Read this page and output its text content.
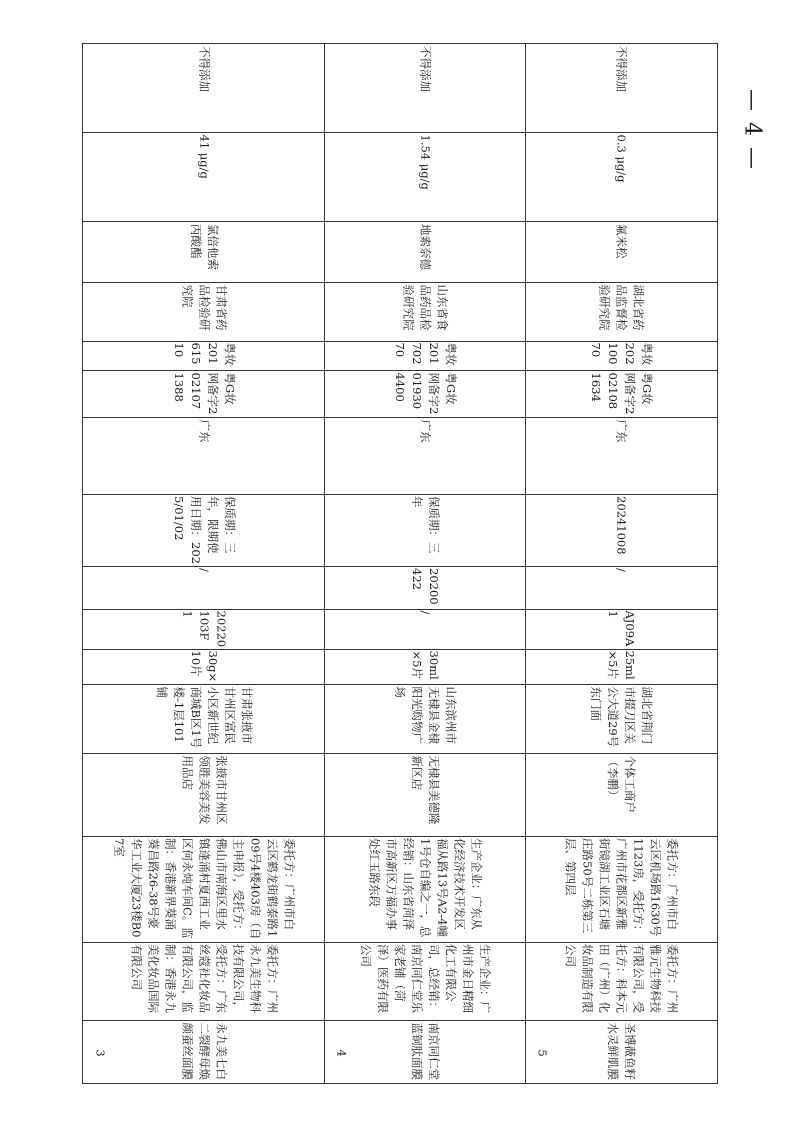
— 4 —
不得添加
41 μg/g
氯倍他索丙酸酯
甘肃省药品检验研究院
粤妆20161510
粤G妆网备字2021071388
广东
保质期：三年，限期使用日期：2025/01/02
/
20220103F1
30g×10片
甘肃张掖市甘州区富民小区新世纪商城B区1号楼-1层101铺
张掖市甘州区领胜美容美发用品店
委托方：广州市白云区鹤龙街鹤泰路109号4楼403房（自主申报），受托方：佛山市南海区里水镇逢涌村夏西工业区何永炖车间C。监制：香港新界葵涌葵昌路26-38号豪华工业大厦23楼B07室
委托方：广州永九美生物科技有限公司，受托方：广东丝蔻社化妆品有限公司，监制：香港永九美化妆品国际有限公司
永九美七白二裂酵母焕颜蚕丝面膜
3
不得添加
1.54 μg/g
地索奈德
山东省食品药品检验研究院
粤妆20170270
粤G妆网备字2019304400
广东
保质期：三年
20200422
/
30ml×5片
山东滨州市无棣县金棣阳光购物广场
无棣县美德隆新区店
生产企业：广东从化经济技术开发区福从路13号A2-4幢1号仓自编之一，总经销：山东省菏泽市高新区万福办事处红玉路东段
生产企业：广州市金日精细化工有限公司，总经销：南京同仁堂乐家老铺（菏泽）医药有限公司
南京同仁堂蓝铜肽面膜
4
不得添加
0.3 μg/g
氟米松
湖北省药品监督检验研究院
粤妆20210070
粤G妆网备字2021081634
广东
20241008
/
AJ09A1
25ml×5片
湖北省荆门市掇刀区关公大道29号东门面
个体工商户（李鹏）
委托方：广州市白云区机场路1630号1123房，受托方：广州市花都区新雅街镜湖工业区石塘庄路50号二栋第三层、第四层
委托方：广州雅元生物科技有限公司，受托方：科本元田（广州）化妆品制造有限公司
圣博薇鱼籽水灵鲜肌膜
5
